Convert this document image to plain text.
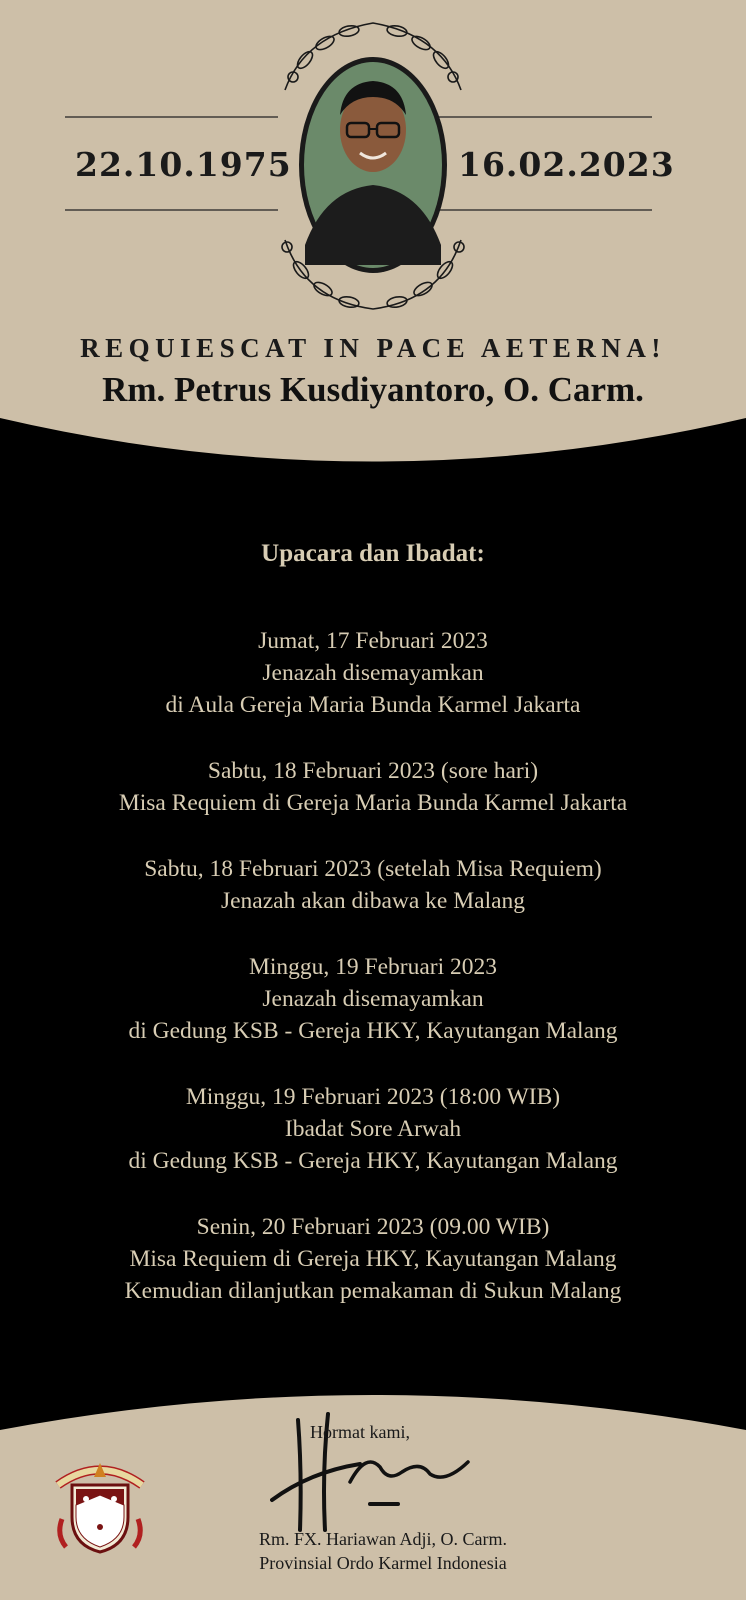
22.10.1975	16.02.2023
REQUIESCAT IN PACE AETERNA!
Rm. Petrus Kusdiyantoro, O. Carm.
Upacara dan Ibadat:
Jumat, 17 Februari 2023
Jenazah disemayamkan
di Aula Gereja Maria Bunda Karmel Jakarta
Sabtu, 18 Februari 2023 (sore hari)
Misa Requiem di Gereja Maria Bunda Karmel Jakarta
Sabtu, 18 Februari 2023 (setelah Misa Requiem)
Jenazah akan dibawa ke Malang
Minggu, 19 Februari 2023
Jenazah disemayamkan
di Gedung KSB - Gereja HKY, Kayutangan Malang
Minggu, 19 Februari 2023 (18:00 WIB)
Ibadat Sore Arwah
di Gedung KSB - Gereja HKY, Kayutangan Malang
Senin, 20 Februari 2023 (09.00 WIB)
Misa Requiem di Gereja HKY, Kayutangan Malang
Kemudian dilanjutkan pemakaman di Sukun Malang
Hormat kami,
Rm. FX. Hariawan Adji, O. Carm.
Provinsial Ordo Karmel Indonesia
